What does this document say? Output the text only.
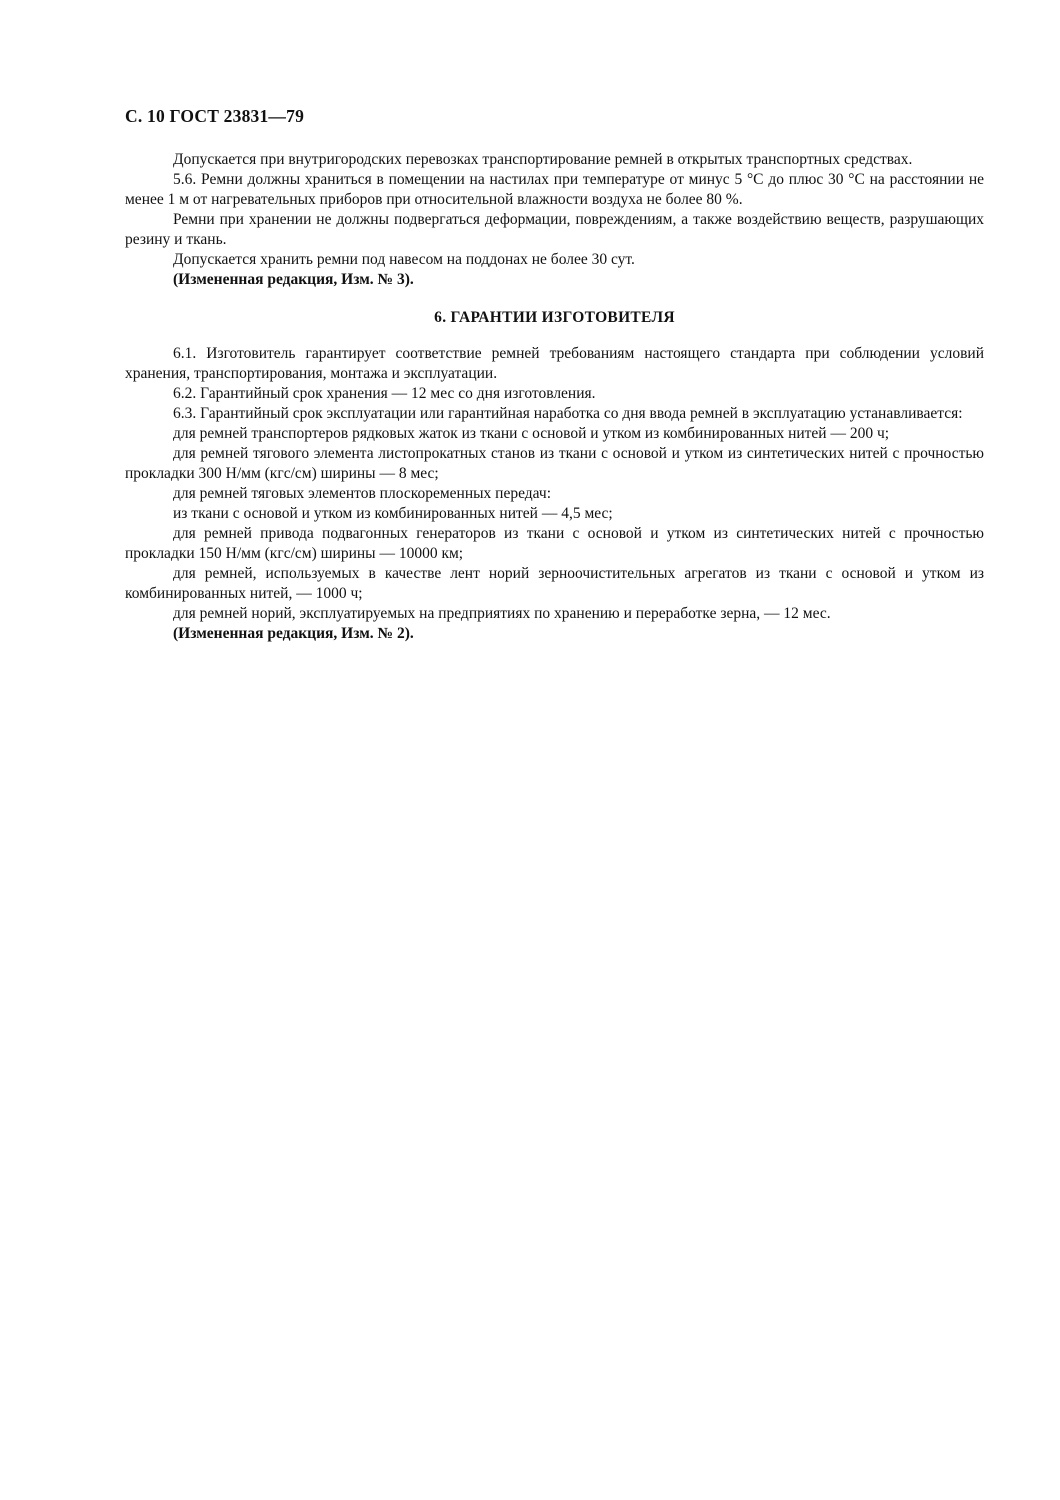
С. 10 ГОСТ 23831—79

Допускается при внутригородских перевозках транспортирование ремней в открытых транспортных средствах.

5.6. Ремни должны храниться в помещении на настилах при температуре от минус 5 °С до плюс 30 °С на расстоянии не менее 1 м от нагревательных приборов при относительной влажности воздуха не более 80 %.

Ремни при хранении не должны подвергаться деформации, повреждениям, а также воздействию веществ, разрушающих резину и ткань.

Допускается хранить ремни под навесом на поддонах не более 30 сут.

(Измененная редакция, Изм. № 3).

6. ГАРАНТИИ ИЗГОТОВИТЕЛЯ

6.1. Изготовитель гарантирует соответствие ремней требованиям настоящего стандарта при соблюдении условий хранения, транспортирования, монтажа и эксплуатации.

6.2. Гарантийный срок хранения — 12 мес со дня изготовления.

6.3. Гарантийный срок эксплуатации или гарантийная наработка со дня ввода ремней в эксплуатацию устанавливается:

для ремней транспортеров рядковых жаток из ткани с основой и утком из комбинированных нитей — 200 ч;

для ремней тягового элемента листопрокатных станов из ткани с основой и утком из синтетических нитей с прочностью прокладки 300 Н/мм (кгс/см) ширины — 8 мес;

для ремней тяговых элементов плоскоременных передач:

из ткани с основой и утком из комбинированных нитей — 4,5 мес;

для ремней привода подвагонных генераторов из ткани с основой и утком из синтетических нитей с прочностью прокладки 150 Н/мм (кгс/см) ширины — 10000 км;

для ремней, используемых в качестве лент норий зерноочистительных агрегатов из ткани с основой и утком из комбинированных нитей, — 1000 ч;

для ремней норий, эксплуатируемых на предприятиях по хранению и переработке зерна, — 12 мес.

(Измененная редакция, Изм. № 2).
